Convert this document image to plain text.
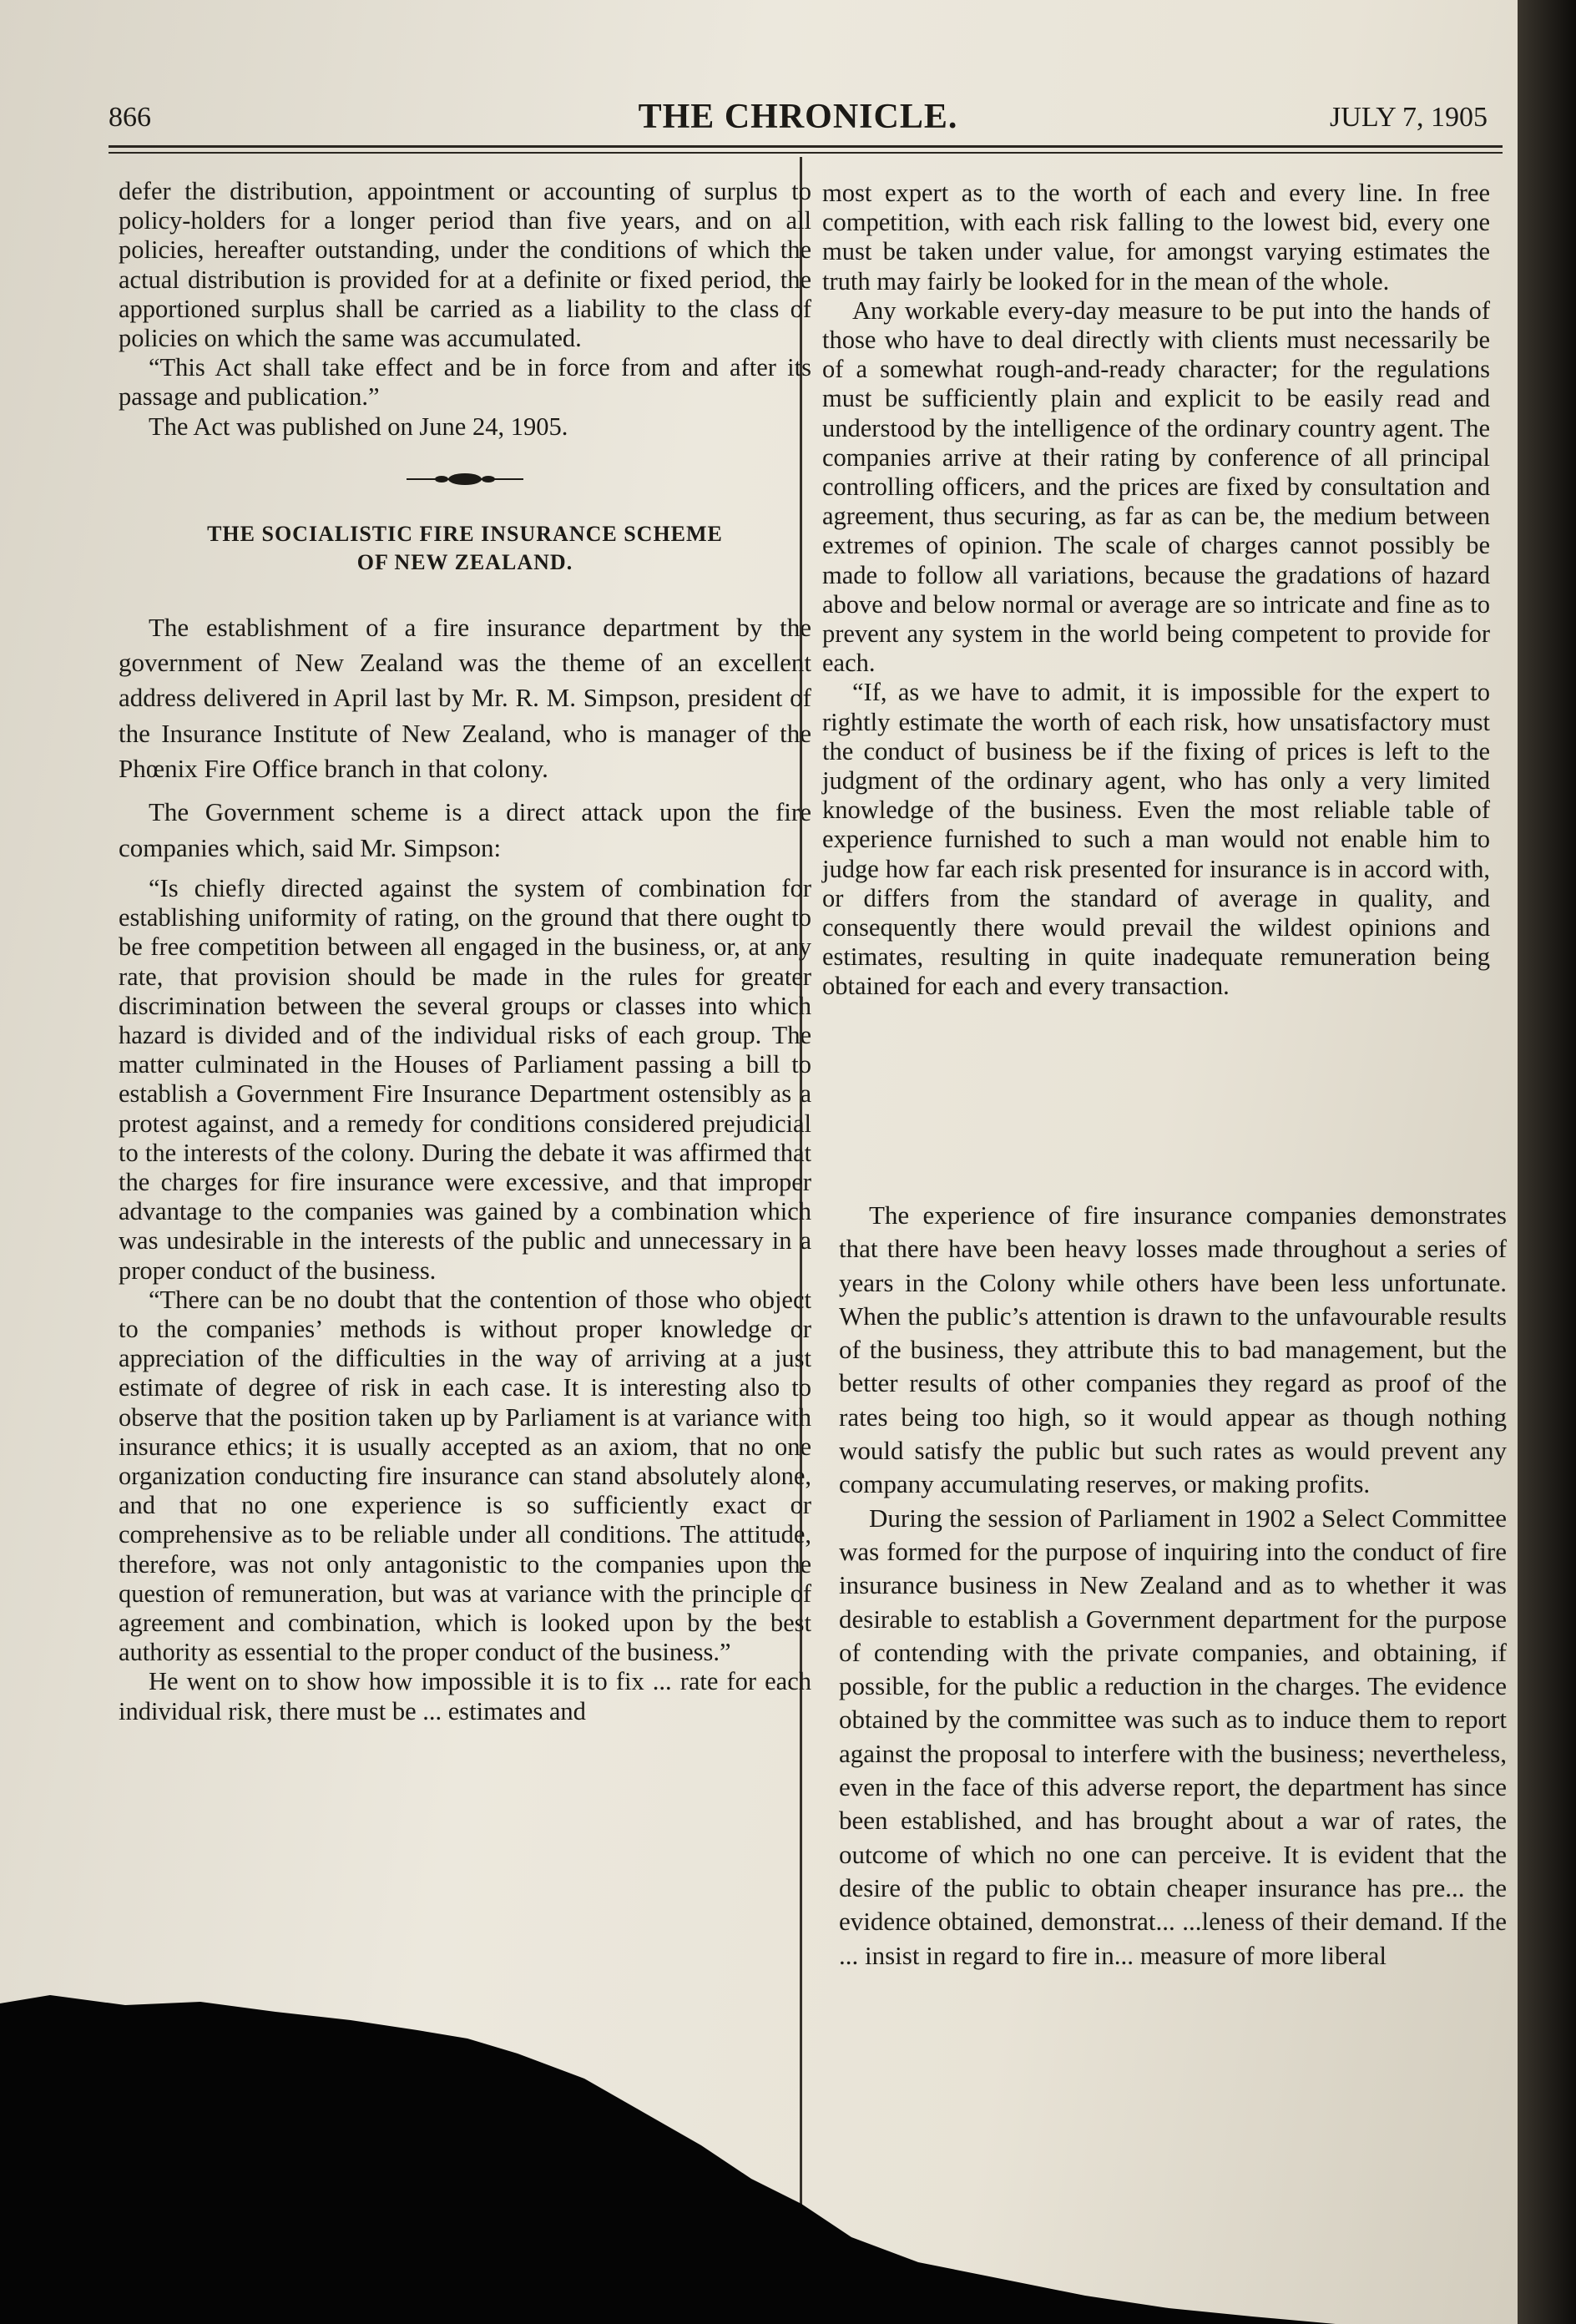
866	THE CHRONICLE.	JULY 7, 1905

defer the distribution, appointment or accounting of surplus to policy-holders for a longer period than five years, and on all policies, hereafter outstanding, under the conditions of which the actual distribution is provided for at a definite or fixed period, the apportioned surplus shall be carried as a liability to the class of policies on which the same was accumulated.

“This Act shall take effect and be in force from and after its passage and publication.”

The Act was published on June 24, 1905.

THE SOCIALISTIC FIRE INSURANCE SCHEME
OF NEW ZEALAND.

The establishment of a fire insurance department by the government of New Zealand was the theme of an excellent address delivered in April last by Mr. R. M. Simpson, president of the Insurance Institute of New Zealand, who is manager of the Phœnix Fire Office branch in that colony.

The Government scheme is a direct attack upon the fire companies which, said Mr. Simpson:

“Is chiefly directed against the system of combination for establishing uniformity of rating, on the ground that there ought to be free competition between all engaged in the business, or, at any rate, that provision should be made in the rules for greater discrimination between the several groups or classes into which hazard is divided and of the individual risks of each group. The matter culminated in the Houses of Parliament passing a bill to establish a Government Fire Insurance Department ostensibly as a protest against, and a remedy for conditions considered prejudicial to the interests of the colony. During the debate it was affirmed that the charges for fire insurance were excessive, and that improper advantage to the companies was gained by a combination which was undesirable in the interests of the public and unnecessary in a proper conduct of the business.

“There can be no doubt that the contention of those who object to the companies’ methods is without proper knowledge or appreciation of the difficulties in the way of arriving at a just estimate of degree of risk in each case. It is interesting also to observe that the position taken up by Parliament is at variance with insurance ethics; it is usually accepted as an axiom, that no one organization conducting fire insurance can stand absolutely alone, and that no one experience is so sufficiently exact or comprehensive as to be reliable under all conditions. The attitude, therefore, was not only antagonistic to the companies upon the question of remuneration, but was at variance with the principle of agreement and combination, which is looked upon by the best authority as essential to the proper conduct of the business.”

He went on to show how impossible it is to fix ... rate for each individual risk, there must be ... estimates and

most expert as to the worth of each and every line. In free competition, with each risk falling to the lowest bid, every one must be taken under value, for amongst varying estimates the truth may fairly be looked for in the mean of the whole.

Any workable every-day measure to be put into the hands of those who have to deal directly with clients must necessarily be of a somewhat rough-and-ready character; for the regulations must be sufficiently plain and explicit to be easily read and understood by the intelligence of the ordinary country agent. The companies arrive at their rating by conference of all principal controlling officers, and the prices are fixed by consultation and agreement, thus securing, as far as can be, the medium between extremes of opinion. The scale of charges cannot possibly be made to follow all variations, because the gradations of hazard above and below normal or average are so intricate and fine as to prevent any system in the world being competent to provide for each.

“If, as we have to admit, it is impossible for the expert to rightly estimate the worth of each risk, how unsatisfactory must the conduct of business be if the fixing of prices is left to the judgment of the ordinary agent, who has only a very limited knowledge of the business. Even the most reliable table of experience furnished to such a man would not enable him to judge how far each risk presented for insurance is in accord with, or differs from the standard of average in quality, and consequently there would prevail the wildest opinions and estimates, resulting in quite inadequate remuneration being obtained for each and every transaction.

The experience of fire insurance companies demonstrates that there have been heavy losses made throughout a series of years in the Colony while others have been less unfortunate. When the public’s attention is drawn to the unfavourable results of the business, they attribute this to bad management, but the better results of other companies they regard as proof of the rates being too high, so it would appear as though nothing would satisfy the public but such rates as would prevent any company accumulating reserves, or making profits.

During the session of Parliament in 1902 a Select Committee was formed for the purpose of inquiring into the conduct of fire insurance business in New Zealand and as to whether it was desirable to establish a Government department for the purpose of contending with the private companies, and obtaining, if possible, for the public a reduction in the charges. The evidence obtained by the committee was such as to induce them to report against the proposal to interfere with the business; nevertheless, even in the face of this adverse report, the department has since been established, and has brought about a war of rates, the outcome of which no one can perceive. It is evident that the desire of the public to obtain cheaper insurance has pre... the evidence obtained, demonstrat... ...leness of their demand. If the ... insist in regard to fire in... measure of more liberal
